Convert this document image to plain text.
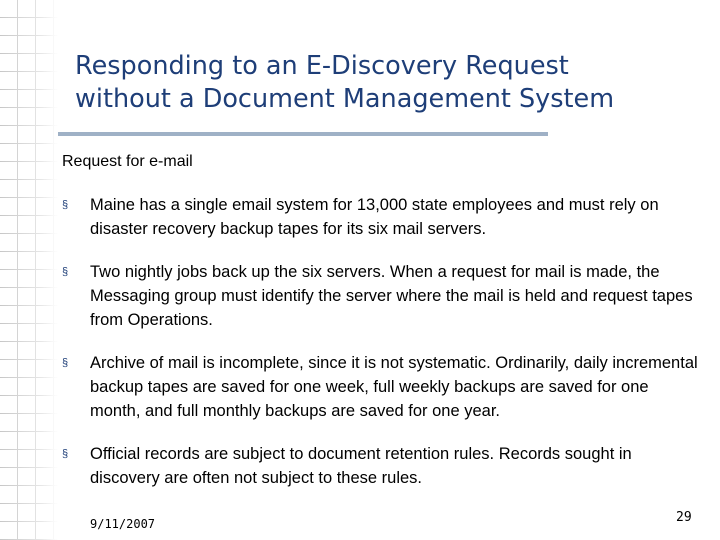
Responding to an E-Discovery Request
without a Document Management System
Request for e-mail
§ Maine has a single email system for 13,000 state employees and must rely on disaster recovery backup tapes for its six mail servers.
§ Two nightly jobs back up the six servers. When a request for mail is made, the Messaging group must identify the server where the mail is held and request tapes from Operations.
§ Archive of mail is incomplete, since it is not systematic. Ordinarily, daily incremental backup tapes are saved for one week, full weekly backups are saved for one month, and full monthly backups are saved for one year.
§ Official records are subject to document retention rules. Records sought in discovery are often not subject to these rules.
9/11/2007	29
